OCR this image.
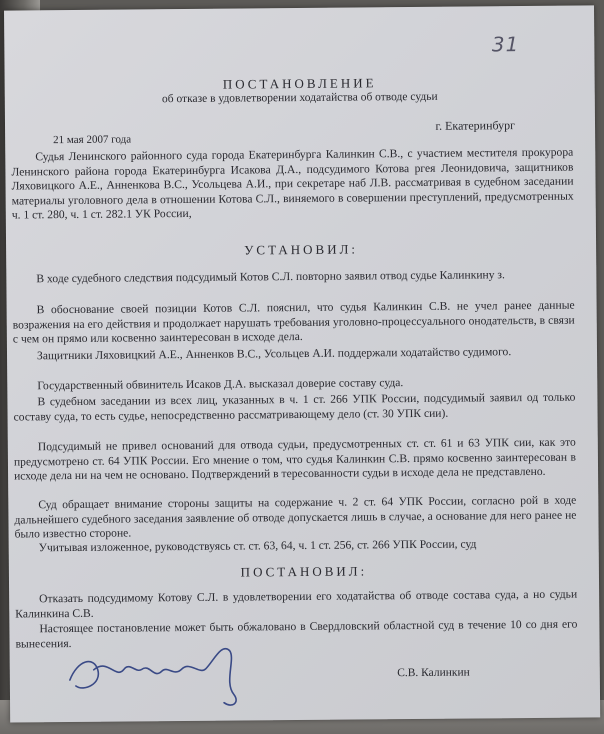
31
ПОСТАНОВЛЕНИЕ
об отказе в удовлетворении ходатайства об отводе судьи
г. Екатеринбург
21 мая 2007 года
Судья Ленинского районного суда города Екатеринбурга Калинкин С.В., с участием местителя прокурора Ленинского района города Екатеринбурга Исакова Д.А., подсудимого Котова ргея Леонидовича, защитников Ляховицкого А.Е., Анненкова В.С., Усольцева А.И., при секретаре наб Л.В. рассматривая в судебном заседании материалы уголовного дела в отношении Котова С.Л., виняемого в совершении преступлений, предусмотренных ч. 1 ст. 280, ч. 1 ст. 282.1 УК России,
УСТАНОВИЛ:
В ходе судебного следствия подсудимый Котов С.Л. повторно заявил отвод судье Калинкину з.
В обоснование своей позиции Котов С.Л. пояснил, что судья Калинкин С.В. не учел ранее данные возражения на его действия и продолжает нарушать требования уголовно-процессуального онодательств, в связи с чем он прямо или косвенно заинтересован в исходе дела.
Защитники Ляховицкий А.Е., Анненков В.С., Усольцев А.И. поддержали ходатайство судимого.
Государственный обвинитель Исаков Д.А. высказал доверие составу суда.
В судебном заседании из всех лиц, указанных в ч. 1 ст. 266 УПК России, подсудимый заявил од только составу суда, то есть судье, непосредственно рассматривающему дело (ст. 30 УПК сии).
Подсудимый не привел оснований для отвода судьи, предусмотренных ст. ст. 61 и 63 УПК сии, как это предусмотрено ст. 64 УПК России. Его мнение о том, что судья Калинкин С.В. прямо косвенно заинтересован в исходе дела ни на чем не основано. Подтверждений в тересованности судьи в исходе дела не представлено.
Суд обращает внимание стороны защиты на содержание ч. 2 ст. 64 УПК России, согласно рой в ходе дальнейшего судебного заседания заявление об отводе допускается лишь в случае, а основание для него ранее не было известно стороне.
Учитывая изложенное, руководствуясь ст. ст. 63, 64, ч. 1 ст. 256, ст. 266 УПК России, суд
ПОСТАНОВИЛ:
Отказать подсудимому Котову С.Л. в удовлетворении его ходатайства об отводе состава суда, а но судьи Калинкина С.В.
Настоящее постановление может быть обжаловано в Свердловский областной суд в течение 10 со дня его вынесения.
С.В. Калинкин
